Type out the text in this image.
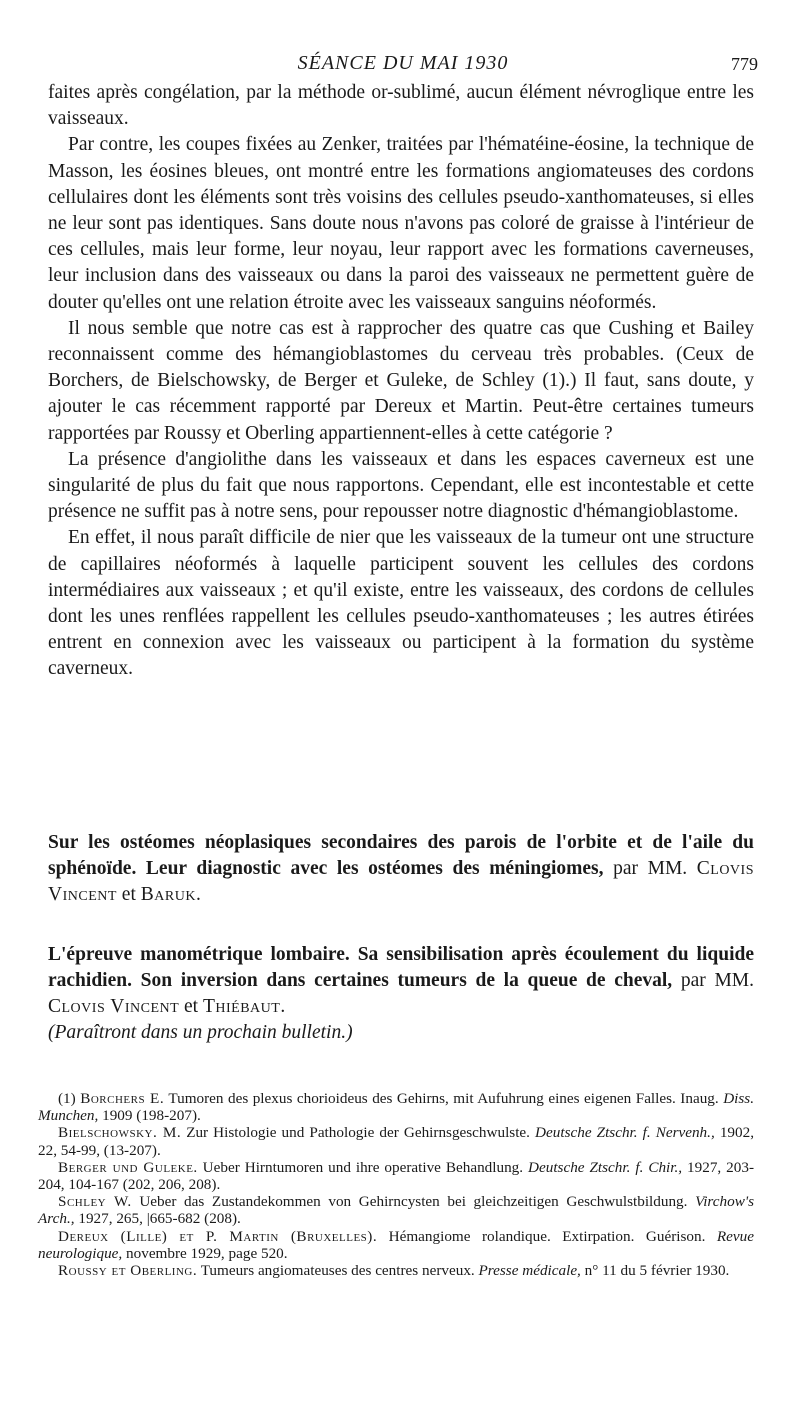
SÉANCE DU MAI 1930	779

faites après congélation, par la méthode or-sublimé, aucun élément névroglique entre les vaisseaux.

Par contre, les coupes fixées au Zenker, traitées par l'hématéine-éosine, la technique de Masson, les éosines bleues, ont montré entre les formations angiomateuses des cordons cellulaires dont les éléments sont très voisins des cellules pseudo-xanthomateuses, si elles ne leur sont pas identiques. Sans doute nous n'avons pas coloré de graisse à l'intérieur de ces cellules, mais leur forme, leur noyau, leur rapport avec les formations caverneuses, leur inclusion dans des vaisseaux ou dans la paroi des vaisseaux ne permettent guère de douter qu'elles ont une relation étroite avec les vaisseaux sanguins néoformés.

Il nous semble que notre cas est à rapprocher des quatre cas que Cushing et Bailey reconnaissent comme des hémangioblastomes du cerveau très probables. (Ceux de Borchers, de Bielschowsky, de Berger et Guleke, de Schley (1).) Il faut, sans doute, y ajouter le cas récemment rapporté par Dereux et Martin. Peut-être certaines tumeurs rapportées par Roussy et Oberling appartiennent-elles à cette catégorie ?

La présence d'angiolithe dans les vaisseaux et dans les espaces caverneux est une singularité de plus du fait que nous rapportons. Cependant, elle est incontestable et cette présence ne suffit pas à notre sens, pour repousser notre diagnostic d'hémangioblastome.

En effet, il nous paraît difficile de nier que les vaisseaux de la tumeur ont une structure de capillaires néoformés à laquelle participent souvent les cellules des cordons intermédiaires aux vaisseaux ; et qu'il existe, entre les vaisseaux, des cordons de cellules dont les unes renflées rappellent les cellules pseudo-xanthomateuses ; les autres étirées entrent en connexion avec les vaisseaux ou participent à la formation du système caverneux.

Sur les ostéomes néoplasiques secondaires des parois de l'orbite et de l'aile du sphénoïde. Leur diagnostic avec les ostéomes des méningiomes, par MM. Clovis Vincent et Baruk.
L'épreuve manométrique lombaire. Sa sensibilisation après écoulement du liquide rachidien. Son inversion dans certaines tumeurs de la queue de cheval, par MM. Clovis Vincent et Thiébaut.
(Paraîtront dans un prochain bulletin.)

(1) Borchers E. Tumoren des plexus chorioideus des Gehirns, mit Aufuhrung eines eigenen Falles. Inaug. Diss. Munchen, 1909 (198-207).

Bielschowsky. M. Zur Histologie und Pathologie der Gehirnsgeschwulste. Deutsche Ztschr. f. Nervenh., 1902, 22, 54-99, (13-207).

Berger und Guleke. Ueber Hirntumoren und ihre operative Behandlung. Deutsche Ztschr. f. Chir., 1927, 203-204, 104-167 (202, 206, 208).

Schley W. Ueber das Zustandekommen von Gehirncysten bei gleichzeitigen Geschwulstbildung. Virchow's Arch., 1927, 265, |665-682 (208).

Dereux (Lille) et P. Martin (Bruxelles). Hémangiome rolandique. Extirpation. Guérison. Revue neurologique, novembre 1929, page 520.

Roussy et Oberling. Tumeurs angiomateuses des centres nerveux. Presse médicale, n° 11 du 5 février 1930.
